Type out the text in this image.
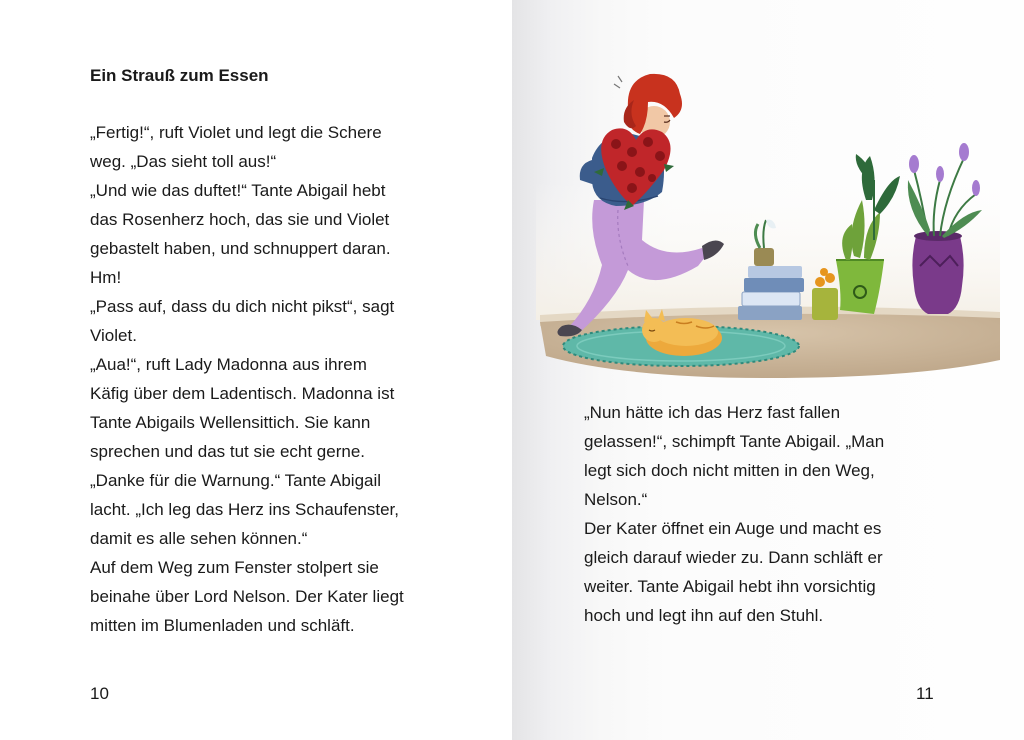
Ein Strauß zum Essen
„Fertig!“, ruft Violet und legt die Schere
weg. „Das sieht toll aus!“
„Und wie das duftet!“ Tante Abigail hebt
das Rosenherz hoch, das sie und Violet
gebastelt haben, und schnuppert daran.
Hm!
„Pass auf, dass du dich nicht pikst“, sagt
Violet.
„Aua!“, ruft Lady Madonna aus ihrem
Käfig über dem Ladentisch. Madonna ist
Tante Abigails Wellensittich. Sie kann
sprechen und das tut sie echt gerne.
„Danke für die Warnung.“ Tante Abigail
lacht. „Ich leg das Herz ins Schaufenster,
damit es alle sehen können.“
Auf dem Weg zum Fenster stolpert sie
beinahe über Lord Nelson. Der Kater liegt
mitten im Blumenladen und schläft.
10
„Nun hätte ich das Herz fast fallen
gelassen!“, schimpft Tante Abigail. „Man
legt sich doch nicht mitten in den Weg,
Nelson.“
Der Kater öffnet ein Auge und macht es
gleich darauf wieder zu. Dann schläft er
weiter. Tante Abigail hebt ihn vorsichtig
hoch und legt ihn auf den Stuhl.
11
